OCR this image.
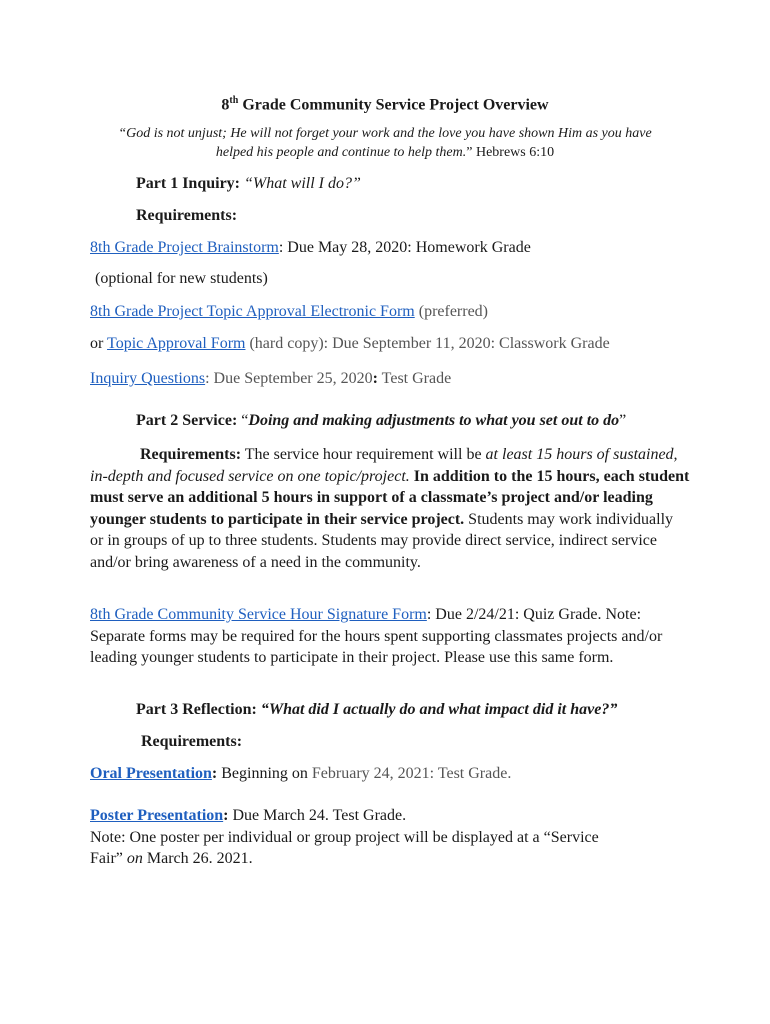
8th Grade Community Service Project Overview
“God is not unjust; He will not forget your work and the love you have shown Him as you have
helped his people and continue to help them.” Hebrews 6:10
Part 1 Inquiry: “What will I do?”
Requirements:
8th Grade Project Brainstorm: Due May 28, 2020: Homework Grade
(optional for new students)
8th Grade Project Topic Approval Electronic Form (preferred)
or Topic Approval Form (hard copy): Due September 11, 2020: Classwork Grade
Inquiry Questions: Due September 25, 2020: Test Grade
Part 2 Service: “Doing and making adjustments to what you set out to do”
Requirements: The service hour requirement will be at least 15 hours of sustained, in-depth and focused service on one topic/project. In addition to the 15 hours, each student must serve an additional 5 hours in support of a classmate’s project and/or leading younger students to participate in their service project. Students may work individually or in groups of up to three students. Students may provide direct service, indirect service and/or bring awareness of a need in the community.
8th Grade Community Service Hour Signature Form: Due 2/24/21: Quiz Grade. Note: Separate forms may be required for the hours spent supporting classmates projects and/or leading younger students to participate in their project. Please use this same form.
Part 3 Reflection: “What did I actually do and what impact did it have?”
Requirements:
Oral Presentation: Beginning on February 24, 2021: Test Grade.
Poster Presentation: Due March 24. Test Grade.
Note: One poster per individual or group project will be displayed at a “Service
Fair” on March 26. 2021.
